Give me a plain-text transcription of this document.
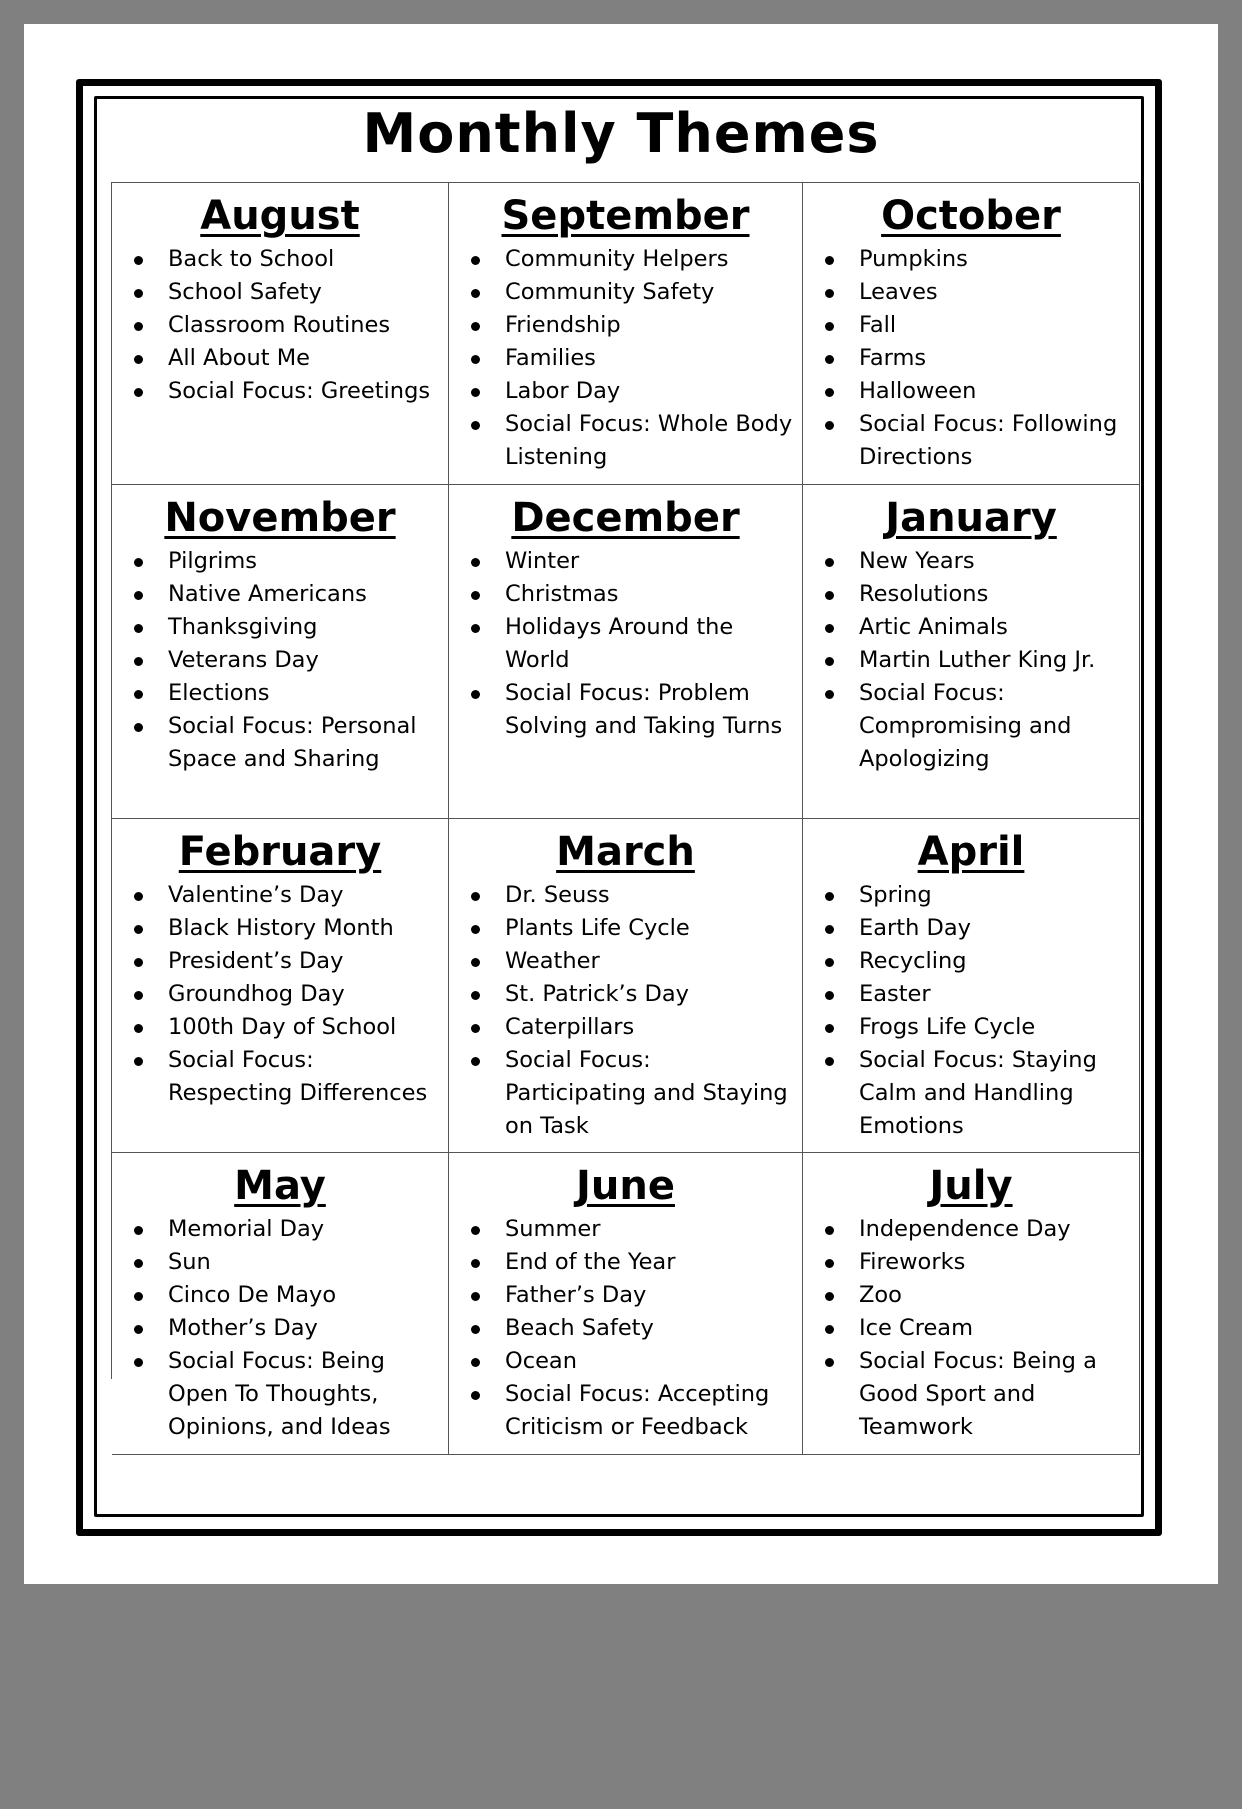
Monthly Themes
August
Back to School
School Safety
Classroom Routines
All About Me
Social Focus: Greetings
September
Community Helpers
Community Safety
Friendship
Families
Labor Day
Social Focus: Whole Body Listening
October
Pumpkins
Leaves
Fall
Farms
Halloween
Social Focus: Following Directions
November
Pilgrims
Native Americans
Thanksgiving
Veterans Day
Elections
Social Focus: Personal Space and Sharing
December
Winter
Christmas
Holidays Around the World
Social Focus: Problem Solving and Taking Turns
January
New Years
Resolutions
Artic Animals
Martin Luther King Jr.
Social Focus: Compromising and Apologizing
February
Valentine’s Day
Black History Month
President’s Day
Groundhog Day
100th Day of School
Social Focus: Respecting Differences
March
Dr. Seuss
Plants Life Cycle
Weather
St. Patrick’s Day
Caterpillars
Social Focus: Participating and Staying on Task
April
Spring
Earth Day
Recycling
Easter
Frogs Life Cycle
Social Focus: Staying Calm and Handling Emotions
May
Memorial Day
Sun
Cinco De Mayo
Mother’s Day
Social Focus: Being Open To Thoughts, Opinions, and Ideas
June
Summer
End of the Year
Father’s Day
Beach Safety
Ocean
Social Focus: Accepting Criticism or Feedback
July
Independence Day
Fireworks
Zoo
Ice Cream
Social Focus: Being a Good Sport and Teamwork
